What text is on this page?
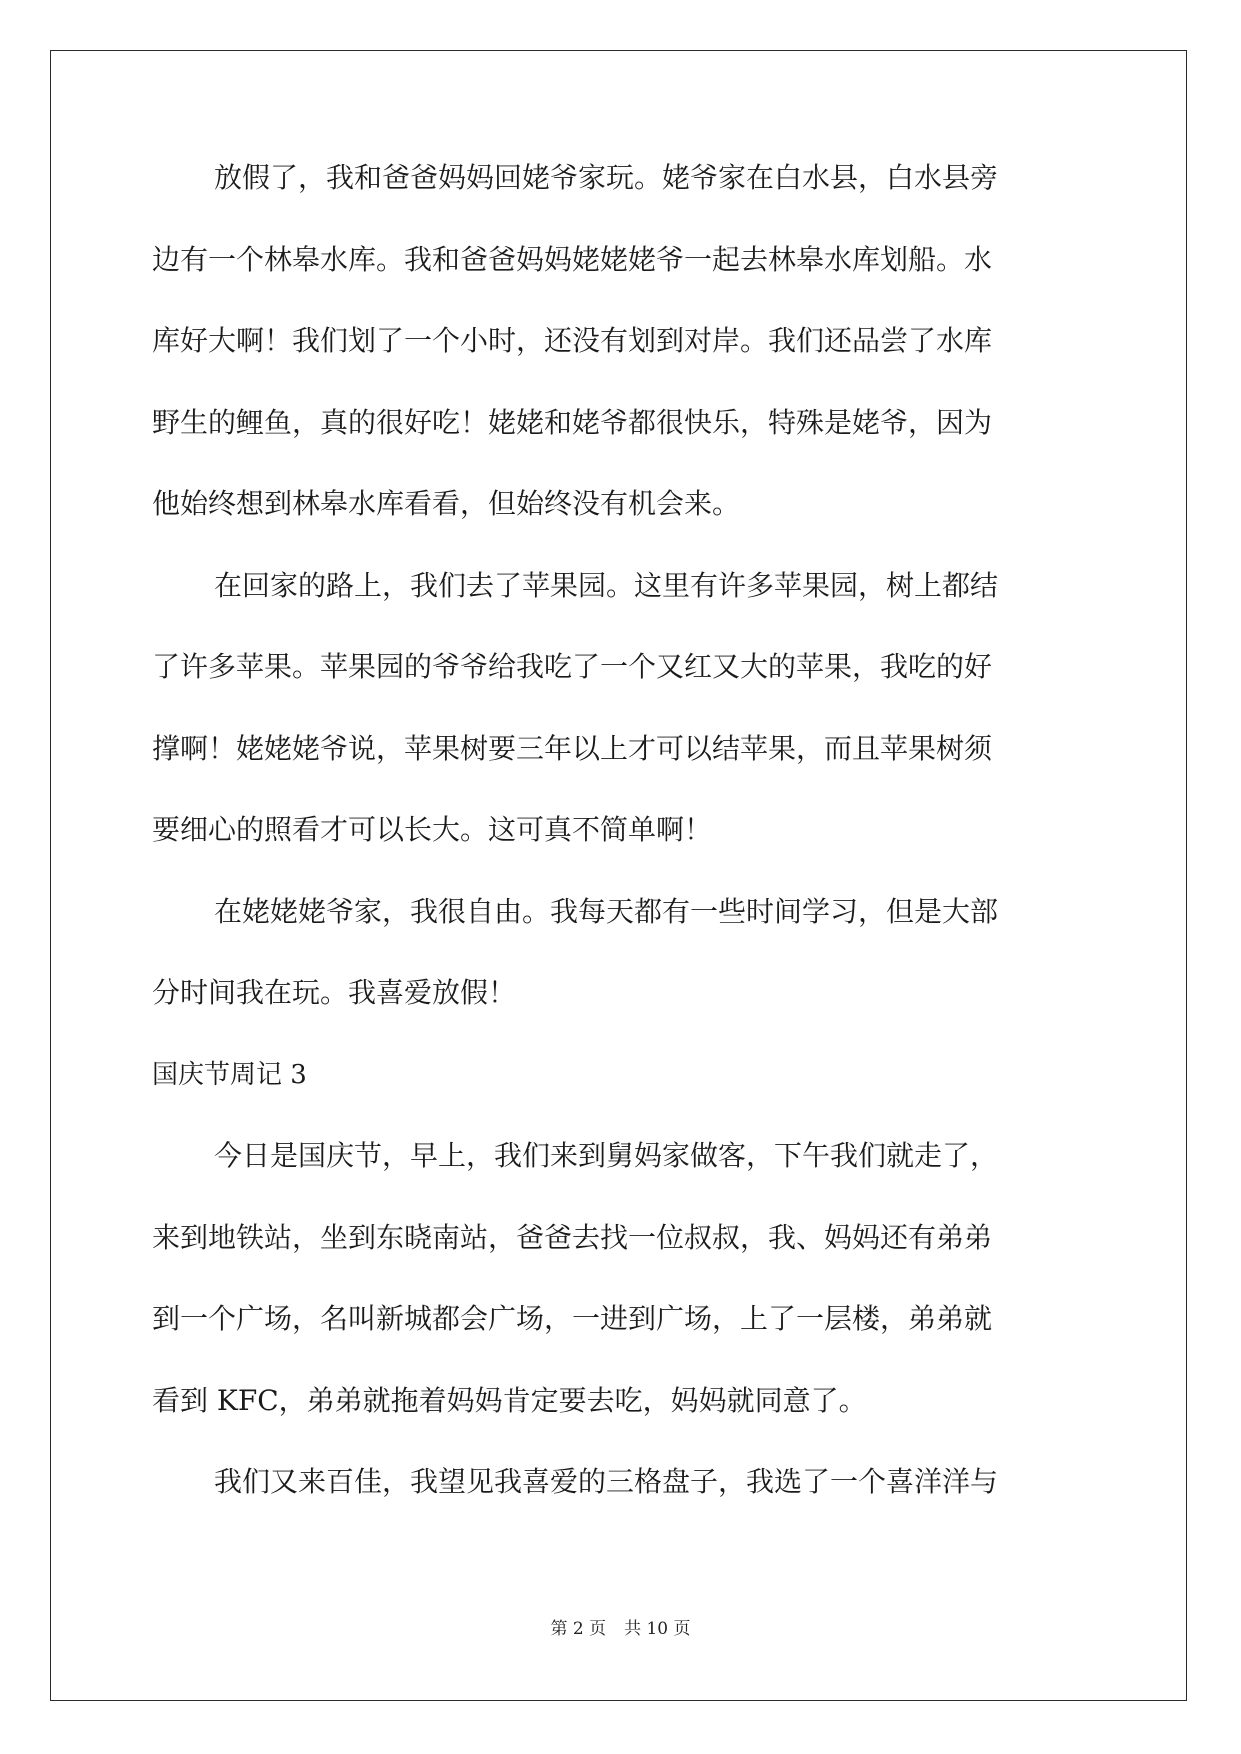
放假了，我和爸爸妈妈回姥爷家玩。姥爷家在白水县，白水县旁
边有一个林皋水库。我和爸爸妈妈姥姥姥爷一起去林皋水库划船。水
库好大啊！我们划了一个小时，还没有划到对岸。我们还品尝了水库
野生的鲤鱼，真的很好吃！姥姥和姥爷都很快乐，特殊是姥爷，因为
他始终想到林皋水库看看，但始终没有机会来。
在回家的路上，我们去了苹果园。这里有许多苹果园，树上都结
了许多苹果。苹果园的爷爷给我吃了一个又红又大的苹果，我吃的好
撑啊！姥姥姥爷说，苹果树要三年以上才可以结苹果，而且苹果树须
要细心的照看才可以长大。这可真不简单啊！
在姥姥姥爷家，我很自由。我每天都有一些时间学习，但是大部
分时间我在玩。我喜爱放假！
国庆节周记 3
今日是国庆节，早上，我们来到舅妈家做客，下午我们就走了，
来到地铁站，坐到东晓南站，爸爸去找一位叔叔，我、妈妈还有弟弟
到一个广场，名叫新城都会广场，一进到广场，上了一层楼，弟弟就
看到 KFC，弟弟就拖着妈妈肯定要去吃，妈妈就同意了。
我们又来百佳，我望见我喜爱的三格盘子，我选了一个喜洋洋与
第 2 页 共 10 页
